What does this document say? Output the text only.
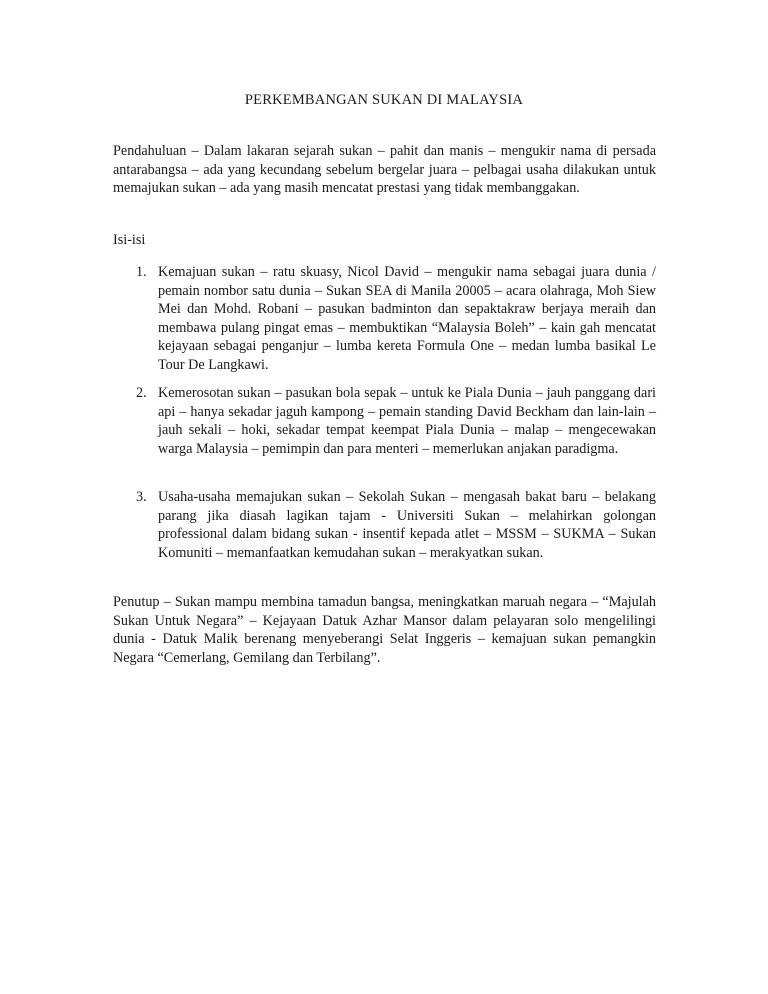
PERKEMBANGAN SUKAN DI MALAYSIA

Pendahuluan – Dalam lakaran sejarah sukan – pahit dan manis – mengukir nama di persada antarabangsa – ada yang kecundang sebelum bergelar juara – pelbagai usaha dilakukan untuk memajukan sukan – ada yang masih mencatat prestasi yang tidak membanggakan.

Isi-isi
1. Kemajuan sukan – ratu skuasy, Nicol David – mengukir nama sebagai juara dunia / pemain nombor satu dunia – Sukan SEA di Manila 20005 – acara olahraga, Moh Siew Mei dan Mohd. Robani – pasukan badminton dan sepaktakraw berjaya meraih dan membawa pulang pingat emas – membuktikan “Malaysia Boleh” – kain gah mencatat kejayaan sebagai penganjur – lumba kereta Formula One – medan lumba basikal Le Tour De Langkawi.
2. Kemerosotan sukan – pasukan bola sepak – untuk ke Piala Dunia – jauh panggang dari api – hanya sekadar jaguh kampong – pemain standing David Beckham dan lain-lain – jauh sekali – hoki, sekadar tempat keempat Piala Dunia – malap – mengecewakan warga Malaysia – pemimpin dan para menteri – memerlukan anjakan paradigma.
3. Usaha-usaha memajukan sukan – Sekolah Sukan – mengasah bakat baru – belakang parang jika diasah lagikan tajam - Universiti Sukan – melahirkan golongan professional dalam bidang sukan - insentif kepada atlet – MSSM – SUKMA – Sukan Komuniti – memanfaatkan kemudahan sukan – merakyatkan sukan.

Penutup – Sukan mampu membina tamadun bangsa, meningkatkan maruah negara – “Majulah Sukan Untuk Negara” – Kejayaan Datuk Azhar Mansor dalam pelayaran solo mengelilingi dunia - Datuk Malik berenang menyeberangi Selat Inggeris – kemajuan sukan pemangkin Negara “Cemerlang, Gemilang dan Terbilang”.
